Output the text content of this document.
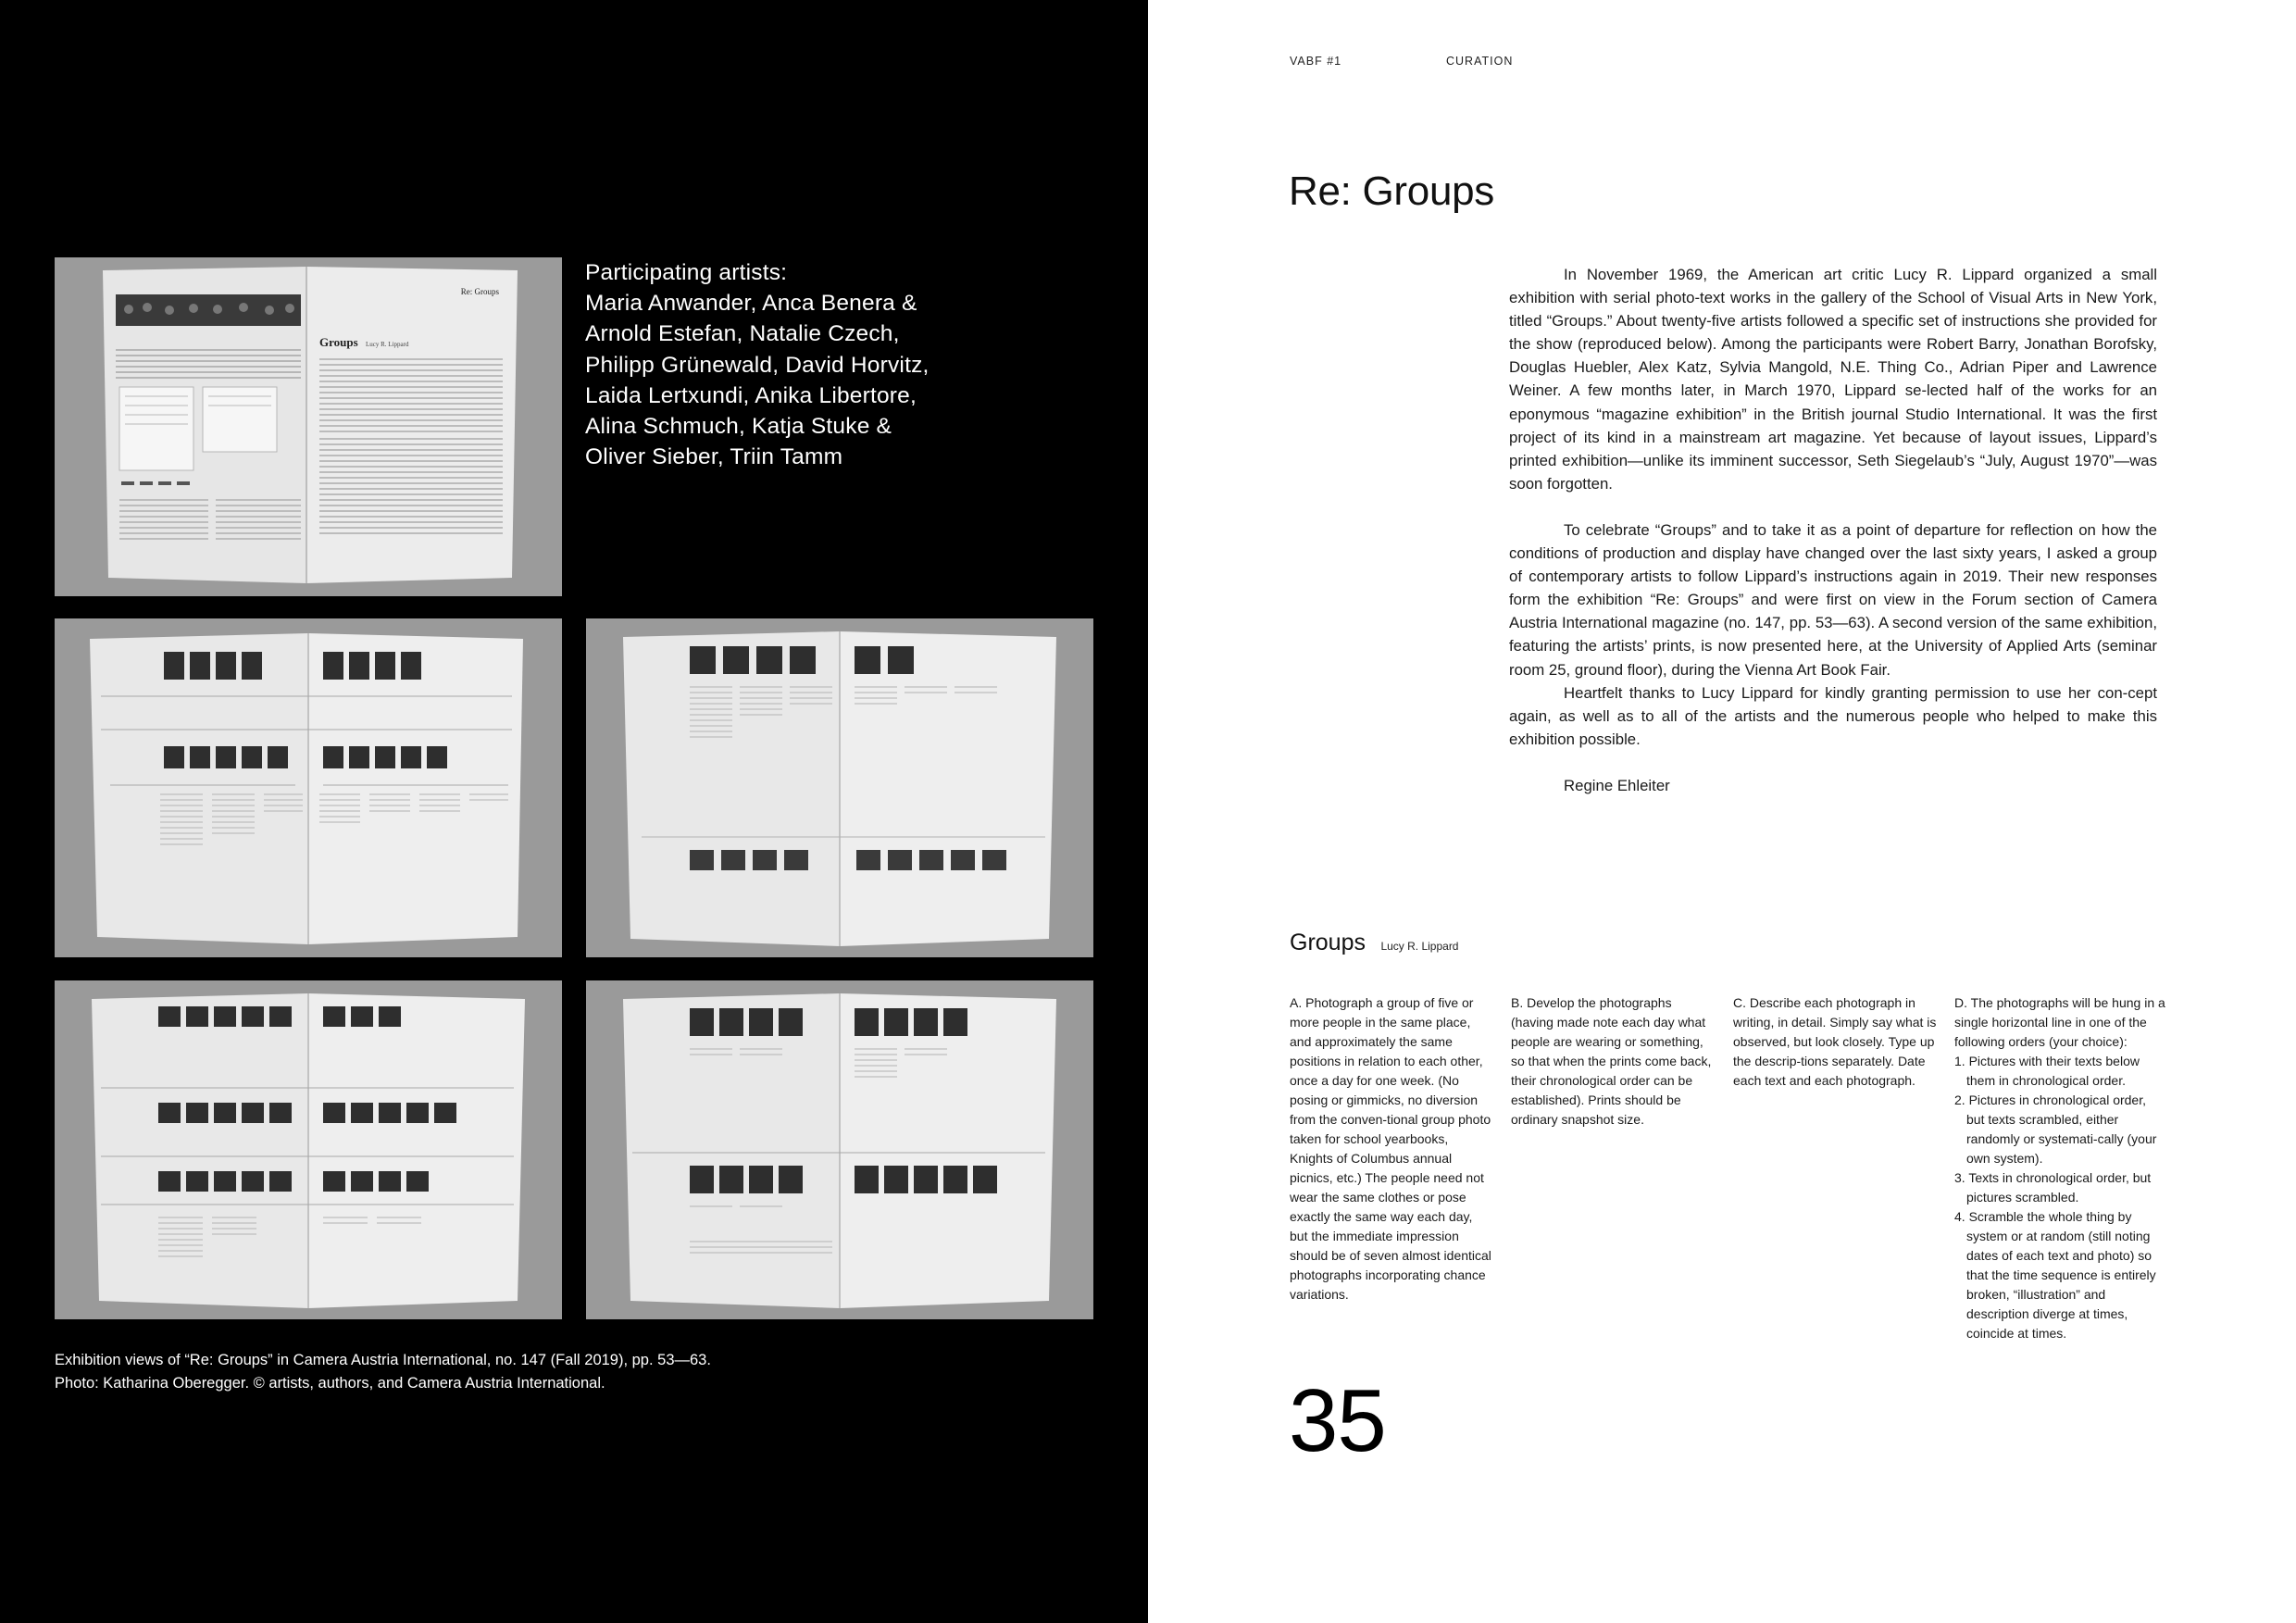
Re: Groups
Groups Lucy R. Lippard
Participating artists:
Maria Anwander, Anca Benera &
Arnold Estefan, Natalie Czech,
Philipp Grünewald, David Horvitz,
Laida Lertxundi, Anika Libertore,
Alina Schmuch, Katja Stuke &
Oliver Sieber, Triin Tamm
Exhibition views of “Re: Groups” in Camera Austria International, no. 147 (Fall 2019), pp. 53—63.
Photo: Katharina Oberegger. © artists, authors, and Camera Austria International.
VABF #1	CURATION
Re: Groups

In November 1969, the American art critic Lucy R. Lippard organized a small exhibition with serial photo-text works in the gallery of the School of Visual Arts in New York, titled “Groups.” About twenty-five artists followed a specific set of instructions she provided for the show (reproduced below). Among the participants were Robert Barry, Jonathan Borofsky, Douglas Huebler, Alex Katz, Sylvia Mangold, N.E. Thing Co., Adrian Piper and Lawrence Weiner. A few months later, in March 1970, Lippard se-lected half of the works for an eponymous “magazine exhibition” in the British journal Studio International. It was the first project of its kind in a mainstream art magazine. Yet because of layout issues, Lippard’s printed exhibition—unlike its imminent successor, Seth Siegelaub’s “July, August 1970”—was soon forgotten.

To celebrate “Groups” and to take it as a point of departure for reflection on how the conditions of production and display have changed over the last sixty years, I asked a group of contemporary artists to follow Lippard’s instructions again in 2019. Their new responses form the exhibition “Re: Groups” and were first on view in the Forum section of Camera Austria International magazine (no. 147, pp. 53—63). A second version of the same exhibition, featuring the artists’ prints, is now presented here, at the University of Applied Arts (seminar room 25, ground floor), during the Vienna Art Book Fair.

Heartfelt thanks to Lucy Lippard for kindly granting permission to use her con-cept again, as well as to all of the artists and the numerous people who helped to make this exhibition possible.

Regine Ehleiter

Groups Lucy R. Lippard
A. Photograph a group of five or more people in the same place, and approximately the same positions in relation to each other, once a day for one week. (No posing or gimmicks, no diversion from the conven-tional group photo taken for school yearbooks, Knights of Columbus annual picnics, etc.) The people need not wear the same clothes or pose exactly the same way each day, but the immediate impression should be of seven almost identical photographs incorporating chance variations.
B. Develop the photographs (having made note each day what people are wearing or something, so that when the prints come back, their chronological order can be established). Prints should be ordinary snapshot size.
C. Describe each photograph in writing, in detail. Simply say what is observed, but look closely. Type up the descrip-tions separately. Date each text and each photograph.
D. The photographs will be hung in a single horizontal line in one of the following orders (your choice):
1. Pictures with their texts below them in chronological order.
2. Pictures in chronological order, but texts scrambled, either randomly or systemati-cally (your own system).
3. Texts in chronological order, but pictures scrambled.
4. Scramble the whole thing by system or at random (still noting dates of each text and photo) so that the time sequence is entirely broken, “illustration” and description diverge at times, coincide at times.
35
